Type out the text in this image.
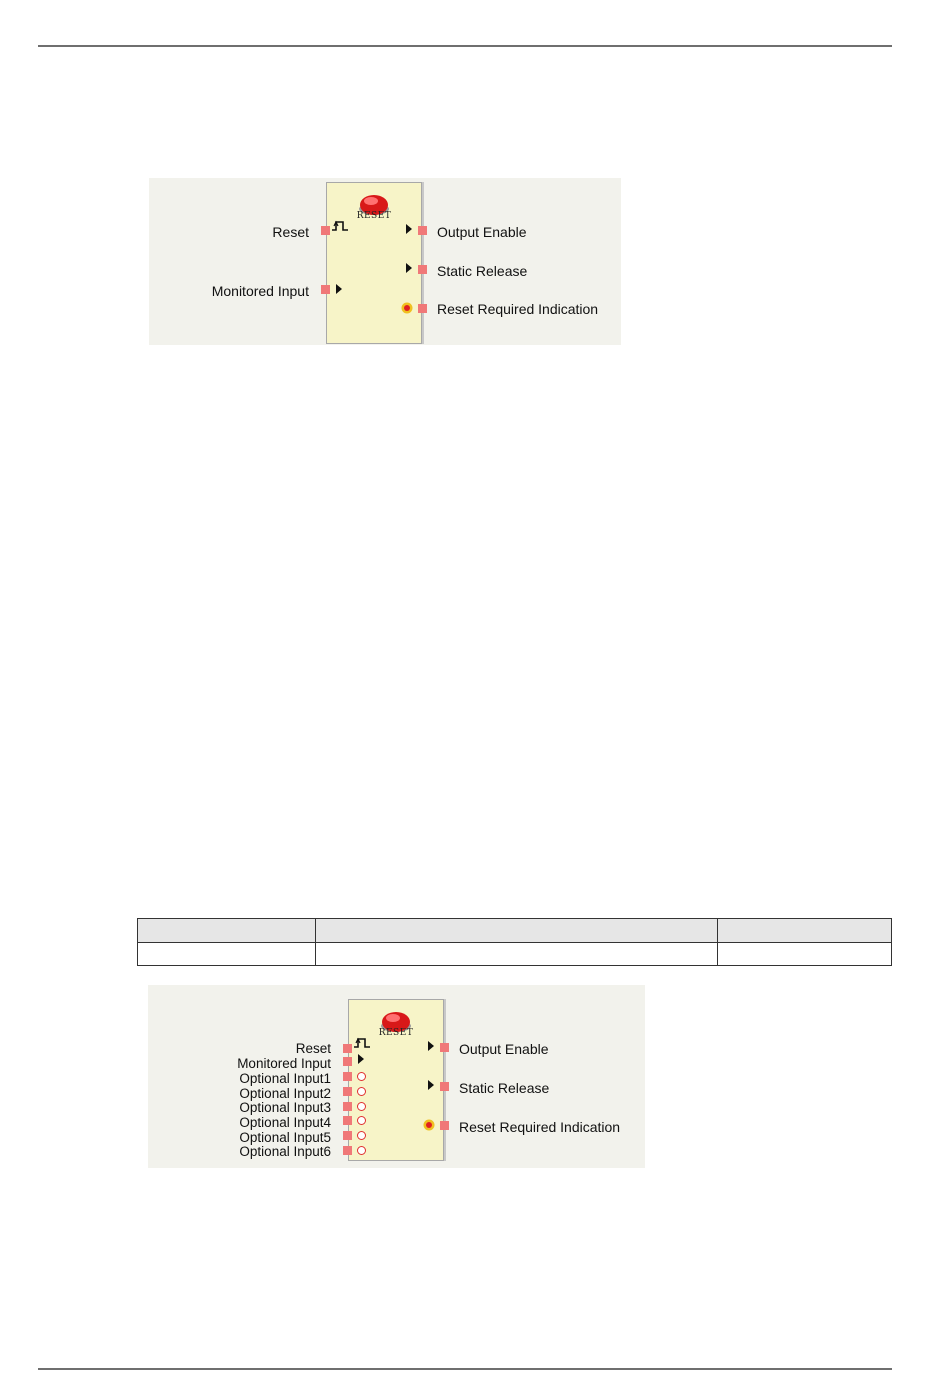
RESET
Reset
Monitored Input
Output Enable
Static Release
Reset Required Indication

RESET
Reset
Monitored Input
Optional Input1
Optional Input2
Optional Input3
Optional Input4
Optional Input5
Optional Input6
Output Enable
Static Release
Reset Required Indication
